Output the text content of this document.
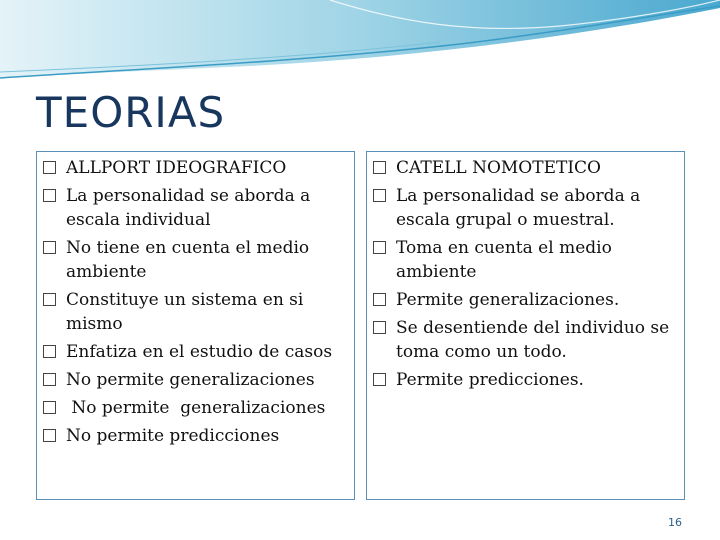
TEORIAS
ALLPORT IDEOGRAFICO
La personalidad se aborda a escala individual
No tiene en cuenta el medio ambiente
Constituye un sistema en si mismo
Enfatiza en el estudio de casos
No permite generalizaciones
No permite  generalizaciones
No permite predicciones
CATELL NOMOTETICO
La personalidad se aborda a escala grupal o muestral.
Toma en cuenta el medio ambiente
Permite generalizaciones.
Se desentiende del individuo se toma como un todo.
Permite predicciones.
16
